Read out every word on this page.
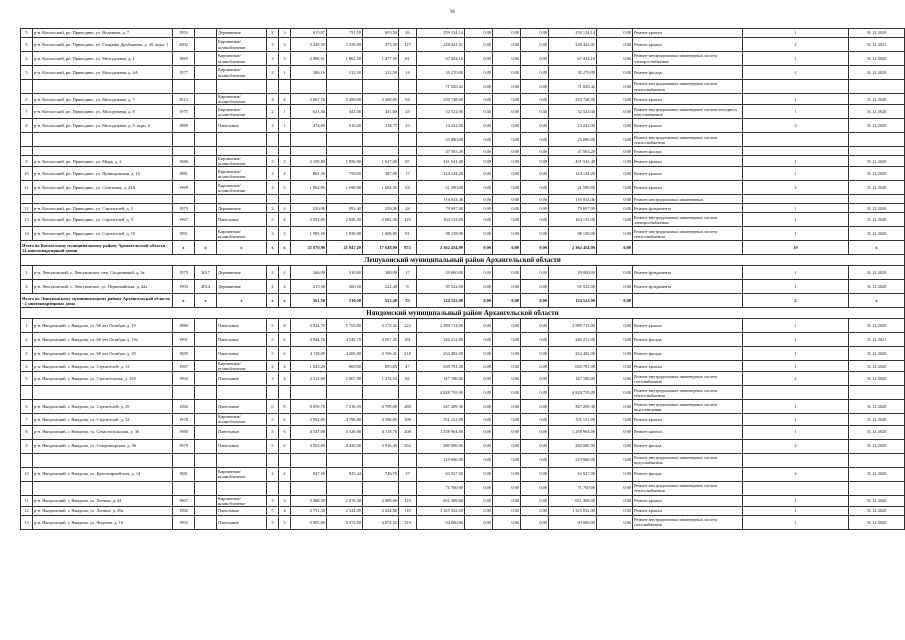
96
5	р-н. Котласский, рп. Приводино, ул. Водников, д. 7	1952		Деревянные	2	3	615,07	751,59	693,50	26	259 124,14	0,00	0,00	0,00	259 124,14	0,00	Ремонт кровли	1	31.12.2020
5	р-н. Котласский, рп. Приводино, ул. Гагарина Дробышева, д. 20, корп. 1	2002		Кирпичные/ шлакоблочные	3	3	3 430,50	3 359,00	475,30	127	228 441,01	0,00	0,00	0,00	228 441,01	0,00	Ремонт кровли	2	31.12.2021
4	р-н. Котласский, рп. Приводино, ул. Молодежная, д. 1	1983		Кирпичные/ шлакоблочные	3	3	2 000,51	1 862,50	1 477,50	81	67 434,16	0,00	0,00	0,00	67 434,16	0,00	Ремонт внутридомовых инженерных систем электроснабжения	1	31.12.2020
5	р-н. Котласский, рп. Приводино, ул. Молодежная, д. 6А	1977		Кирпичные/ шлакоблочные	2	1	386,16	212,50	212,50	14	35 270,00	0,00	0,00	0,00	35 270,00	0,00	Ремонт фасада	2	31.12.2020
											71 028,42	0,00	0,00	0,00	71 028,42	0,00	Ремонт внутридомовых инженерных систем теплоснабжения		
6	р-н. Котласский, рп. Приводино, ул. Молодежная, д. 7	2013		Кирпичные/ шлакоблочные	4	4	5 667,70	5 309,00	5 309,00	94	339 748,00	0,00	0,00	0,00	339 748,00	0,00	Ремонт кровли	1	31.12.2020
7	р-н. Котласский, рп. Приводино, ул. Молодежная, д. 8	1975		Кирпичные/ шлакоблочные	2	1	621,30	441,00	441,00	23	32 522,00	0,00	0,00	0,00	32 522,00	0,00	Ремонт внутридомовых инженерных систем холодного водоснабжения	1	31.12.2020
8	р-н. Котласский, рп. Приводино, ул. Молодежная, д. 9, корп. 6	1989		Панельные	2	1	474,60	510,20	318,75	23	13 242,00	0,00	0,00	0,00	13 242,00	0,00	Ремонт кровли	3	31.12.2020
											25 080,00	0,00	0,00	0,00	25 080,00	0,00	Ремонт внутридомовых инженерных систем теплоснабжения		
											47 583,29	0,00	0,00	0,00	47 583,29	0,00	Ремонт фасада		
9	р-н. Котласский, рп. Приводино, ул. Мира, д. 2	1986		Кирпичные/ шлакоблочные	3	3	2 109,80	1 856,50	1 627,00	85	431 541,40	0,00	0,00	0,00	431 541,40	0,00	Ремонт кровли	1	31.12.2020
10	р-н. Котласский, рп. Приводино, ул. Приводинская, д. 15	1981		Кирпичные/ шлакоблочные	2	2	861,30	758,00	387,00	17	124 144,20	0,00	0,00	0,00	124 144,20	0,00	Ремонт кровли	1	31.12.2020
11	р-н. Котласский, рп. Приводино, ул. Советская, д. 43А	1969		Кирпичные/ шлакоблочные	3	3	1 962,90	1 690,00	1 604,50	84	21 590,00	0,00	0,00	0,00	21 590,00	0,00	Ремонт кровли	2	31.12.2020
											116 033,46	0,00	0,00	0,00	116 033,46	0,00	Ремонт внутридомовых инженерных		
12	р-н. Котласский, рп. Приводино, ул. Строителей, д. 2	1975		Деревянные	2	2	530,00	491,40	259,30	28	79 697,00	0,00	0,00	0,00	79 697,00	0,00	Ремонт фундамента	1	31.12.2020
13	р-н. Котласский, рп. Приводино, ул. Строителей, д. 9	1967		Панельные	5	4	3 054,00	2 658,50	2 082,30	125	164 133,00	0,00	0,00	0,00	164 133,00	0,00	Ремонт внутридомовых инженерных систем электроснабжения	1	31.12.2020
14	р-н. Котласский, рп. Приводино, ул. Строителей, д. 10	1991		Кирпичные/ шлакоблочные	3	3	1 983,50	1 839,00	1 608,80	81	98 158,00	0,00	0,00	0,00	98 158,00	0,00	Ремонт внутридомовых инженерных систем теплоснабжения	1	31.12.2020
Итого по Котласскому муниципальному району Архангельской области - 14 многоквартирный домов		x	x	x	x	x	25 879,98	21 947,20	17 648,00	872	2 362 454,09	0,00	0,00	0,00	2 362 454,09	0,00		19	x
Лешуконский муниципальный район Архангельской области																			
1	р-н. Лешуконский, с. Лешуконское, пер. Спортивный, д. 3а	1975	2017	Деревянные	2	2	346,00	310,00	300,00	17	29 000,00	0,00	0,00	0,00	29 000,00	0,00	Ремонт фундамента	1	31.12.2020
2	р-н. Лешуконский, с. Лешуконское, ул. Первомайская, д. 42а	1993	2014	Деревянные	2	2	215,50	200,50	222,40	8	95 522,00	0,00	0,00	0,00	95 522,00	0,00	Ремонт фундамента	1	31.12.2020
Итого по Лешуконскому муниципальному району Архангельской области - 2 многоквартирных дома		x	x	x	x	x	561,50	510,50	522,40	25	124 522,00	0,00	0,00	0,00	124 522,00	0,00		2	x
Няндомский муниципальный район Архангельской области																			
1	р-н. Няндомский, г. Няндома, ул. 60 лет Октября, д. 19	1986		Панельные	5	8	5 924,70	5 765,00	5 173,32	222	2 589 713,00	0,00	0,00	0,00	2 589 713,00	0,00	Ремонт кровли	1	31.12.2020
2	р-н. Няндомский, г. Няндома, ул. 60 лет Октября, д. 19а	1991		Панельные	5	6	4 944,70	4 545,70	4 607,20	181	246 212,00	0,00	0,00	0,00	246 212,00	0,00	Ремонт фасада	1	31.12.2021
3	р-н. Няндомский, г. Няндома, ул. 60 лет Октября, д. 29	1985		Панельные	5	6	4 118,00	4 205,00	3 769,41	218	254 482,00	0,00	0,00	0,00	254 482,00	0,00	Ремонт фасада	1	31.12.2020
4	р-н. Няндомский, г. Няндома, ул. Строителей, д. 13	1987		Кирпичные/ шлакоблочные	2	2	1 045,20	869,00	695,85	47	650 781,00	0,00	0,00	0,00	650 781,00	0,00	Ремонт кровли	1	31.12.2020
5	р-н. Няндомский, г. Няндома, ул. Строительная, д. 15б	1992		Панельные	3	2	2 211,60	2 067,90	1 474,54	82	147 180,00	0,00	0,00	0,00	147 180,00	0,00	Ремонт внутридомовых инженерных систем газоснабжения	2	31.12.2020
											4 828 755,00	0,00	0,00	0,00	4 828 755,00	0,00	Ремонт внутридомовых инженерных систем теплоснабжения		
6	р-н. Няндомский, г. Няндома, ул. Строителей, д. 25	1982		Панельные	6	8	8 059,70	7 016,50	6 709,00	288	347 209,30	0,00	0,00	0,00	347 209,30	0,00	Ремонт внутридомовых инженерных систем водоотведения	1	31.12.2020
7	р-н. Няндомский, г. Няндома, ул. Строителей, д. 32	1978		Кирпичные/ шлакоблочные	5	6	5 992,00	4 796,80	4 598,00	196	701 121,90	0,00	0,00	0,00	701 121,90	0,00	Ремонт кровли	1	31.12.2020
8	р-н. Няндомский, г. Няндома, ул. Севастопольская, д. 36	1980		Панельные	5	6	4 547,00	4 426,00	4 118,76	208	1 258 964,00	0,00	0,00	0,00	1 258 964,00	0,00	Ремонт кровли	1	31.12.2020
9	р-н. Няндомский, г. Няндома, ул. Североморская, д. 36	1979		Панельные	5	6	4 503,60	4 428,00	3 916,40	252	280 000,00	0,00	0,00	0,00	280 000,00	0,00	Ремонт фасада	2	31.12.2020
											219 960,00	0,00	0,00	0,00	219 960,00	0,00	Ремонт внутридомовых инженерных систем водоснабжения		
10	р-н. Няндомский, г. Няндома, ул. Красноармейская, д. 14	1981		Кирпичные/ шлакоблочные	2	2	947,50	835,44	746,70	37	63 927,00	0,00	0,00	0,00	63 927,00	0,00	Ремонт фасада	2	31.12.2020
											71 760,00	0,00	0,00	0,00	71 760,00	0,00	Ремонт внутридомовых инженерных систем теплоснабжения		
11	р-н. Няндомский, г. Няндома, ул. Ленина, д. 44	1967		Кирпичные/ шлакоблочные	3	3	3 480,30	2 076,40	2 009,00	123	651 369,00	0,00	0,00	0,00	651 369,00	0,00	Ремонт кровли	1	31.12.2020
12	р-н. Няндомский, г. Няндома, ул. Ленина, д. 49а	1982		Панельные	5	4	2 751,30	2 524,00	2 324,80	118	1 325 032,00	0,00	0,00	0,00	1 325 032,00	0,00	Ремонт кровли	1	31.12.2020
13	р-н. Няндомский, г. Няндома, ул. Фадеева, д. 10	1993		Панельные	5	5	5 005,00	5 372,00	4 673,53	219	94 000,00	0,00	0,00	0,00	94 000,00	0,00	Ремонт внутридомовых инженерных систем газоснабжения	1	31.12.2020
